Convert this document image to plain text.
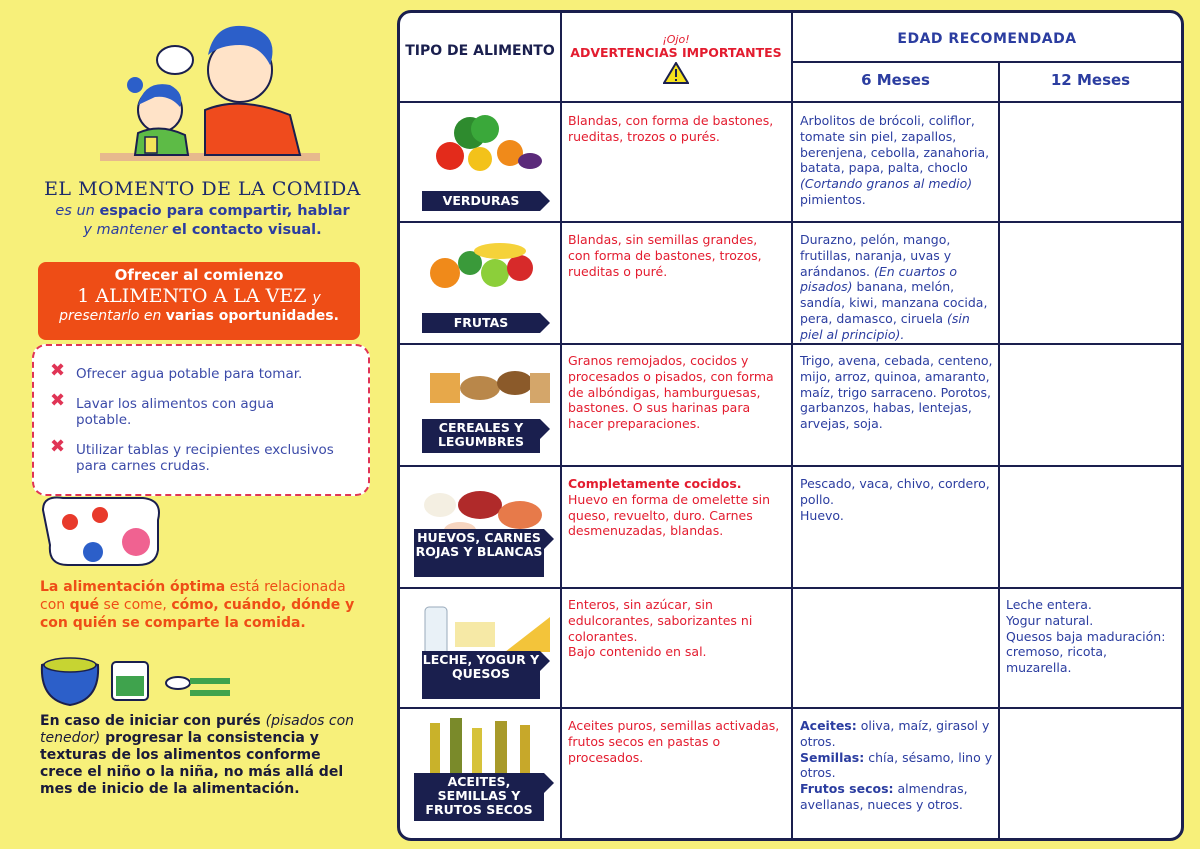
EL MOMENTO DE LA COMIDA
es un espacio para compartir, hablar
y mantener el contacto visual.
Ofrecer al comienzo
1 ALIMENTO A LA VEZ y
presentarlo en varias oportunidades.
✖ Ofrecer agua potable para tomar.
✖ Lavar los alimentos con agua potable.
✖ Utilizar tablas y recipientes exclusivos para carnes crudas.
La alimentación óptima está relacionada con qué se come, cómo, cuándo, dónde y con quién se comparte la comida.
En caso de iniciar con purés (pisados con tenedor) progresar la consistencia y texturas de los alimentos conforme crece el niño o la niña, no más allá del mes de inicio de la alimentación.
TIPO DE ALIMENTO
¡Ojo!
ADVERTENCIAS IMPORTANTES
EDAD RECOMENDADA
6 Meses	12 Meses
VERDURAS
Blandas, con forma de bastones, rueditas, trozos o purés.
Arbolitos de brócoli, coliflor, tomate sin piel, zapallos, berenjena, cebolla, zanahoria, batata, papa, palta, choclo (Cortando granos al medio) pimientos.
FRUTAS
Blandas, sin semillas grandes, con forma de bastones, trozos, rueditas o puré.
Durazno, pelón, mango, frutillas, naranja, uvas y arándanos. (En cuartos o pisados) banana, melón, sandía, kiwi, manzana cocida, pera, damasco, ciruela (sin piel al principio).
CEREALES Y LEGUMBRES
Granos remojados, cocidos y procesados o pisados, con forma de albóndigas, hamburguesas, bastones. O sus harinas para hacer preparaciones.
Trigo, avena, cebada, centeno, mijo, arroz, quinoa, amaranto, maíz, trigo sarraceno. Porotos, garbanzos, habas, lentejas, arvejas, soja.
HUEVOS, CARNES ROJAS Y BLANCAS
Completamente cocidos.
Huevo en forma de omelette sin queso, revuelto, duro. Carnes desmenuzadas, blandas.
Pescado, vaca, chivo, cordero, pollo.
Huevo.
LECHE, YOGUR Y QUESOS
Enteros, sin azúcar, sin edulcorantes, saborizantes ni colorantes.
Bajo contenido en sal.
Leche entera.
Yogur natural.
Quesos baja maduración: cremoso, ricota, muzarella.
ACEITES, SEMILLAS Y FRUTOS SECOS
Aceites puros, semillas activadas, frutos secos en pastas o procesados.
Aceites: oliva, maíz, girasol y otros.
Semillas: chía, sésamo, lino y otros.
Frutos secos: almendras, avellanas, nueces y otros.
